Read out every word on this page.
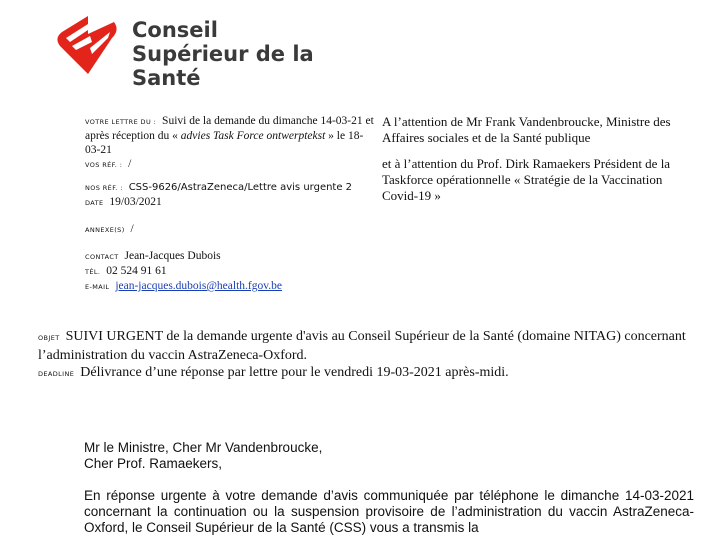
Conseil
Supérieur de la Santé

VOTRE LETTRE DU : Suivi de la demande du dimanche 14-03-21 et après réception du « advies Task Force ontwerptekst » le 18-03-21

VOS RÉF. : /

NOS RÉF. : CSS-9626/AstraZeneca/Lettre avis urgente 2

DATE 19/03/2021

ANNEXE(S) /

CONTACT Jean-Jacques Dubois

TÉL. 02 524 91 61

E-MAIL jean-jacques.dubois@health.fgov.be

A l’attention de Mr Frank Vandenbroucke, Ministre des Affaires sociales et de la Santé publique

et à l’attention du Prof. Dirk Ramaekers Président de la Taskforce opérationnelle « Stratégie de la Vaccination Covid-19 »

OBJET SUIVI URGENT de la demande urgente d'avis au Conseil Supérieur de la Santé (domaine NITAG) concernant l’administration du vaccin AstraZeneca-Oxford.
DEADLINE Délivrance d’une réponse par lettre pour le vendredi 19-03-2021 après-midi.

Mr le Ministre, Cher Mr Vandenbroucke,

Cher Prof. Ramaekers,

En réponse urgente à votre demande d’avis communiquée par téléphone le dimanche 14-03-2021 concernant la continuation ou la suspension provisoire de l’administration du vaccin AstraZeneca-Oxford, le Conseil Supérieur de la Santé (CSS) vous a transmis la
